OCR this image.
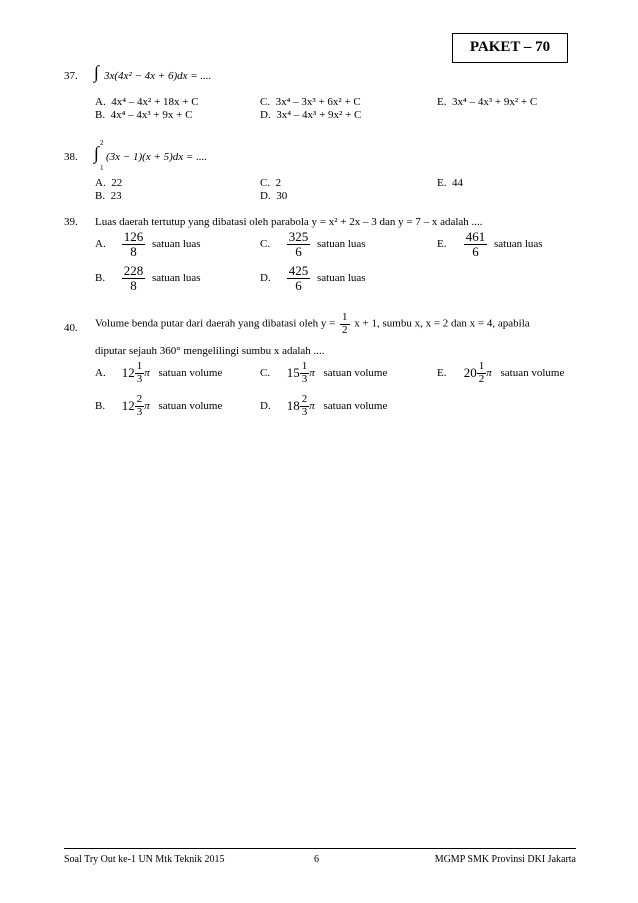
PAKET – 70
37. ∫ 3x(4x² − 4x + 6)dx = ....
A. 4x⁴ – 4x² + 18x + C
B. 4x⁴ – 4x³ + 9x + C
C. 3x⁴ – 3x³ + 6x² + C
D. 3x⁴ – 4x³ + 9x² + C
E. 3x⁴ – 4x³ + 9x² + C
38.
2
∫
1
(3x − 1)(x + 5)dx = ....
A. 22
B. 23
C. 2
D. 30
E. 44
39. Luas daerah tertutup yang dibatasi oleh parabola y = x² + 2x – 3 dan y = 7 – x adalah ....
A. $\frac{126}{8}$ satuan luas
B. $\frac{228}{8}$ satuan luas
C. $\frac{325}{6}$ satuan luas
D. $\frac{425}{6}$ satuan luas
E. $\frac{461}{6}$ satuan luas
40. Volume benda putar dari daerah yang dibatasi oleh $y = \frac{1}{2}$ x + 1, sumbu x, x = 2 dan x = 4, apabila
diputar sejauh 360° mengelilingi sumbu x adalah ....
A. $12 \frac{1}{3}$ π satuan volume
B. $12 \frac{2}{3}$ π satuan volume
C. $15 \frac{1}{3}$ π satuan volume
D. $18 \frac{2}{3}$ π satuan volume
E. $20 \frac{1}{2}$ π satuan volume
Soal Try Out ke-1 UN Mtk Teknik 2015	6	MGMP SMK Provinsi DKI Jakarta
